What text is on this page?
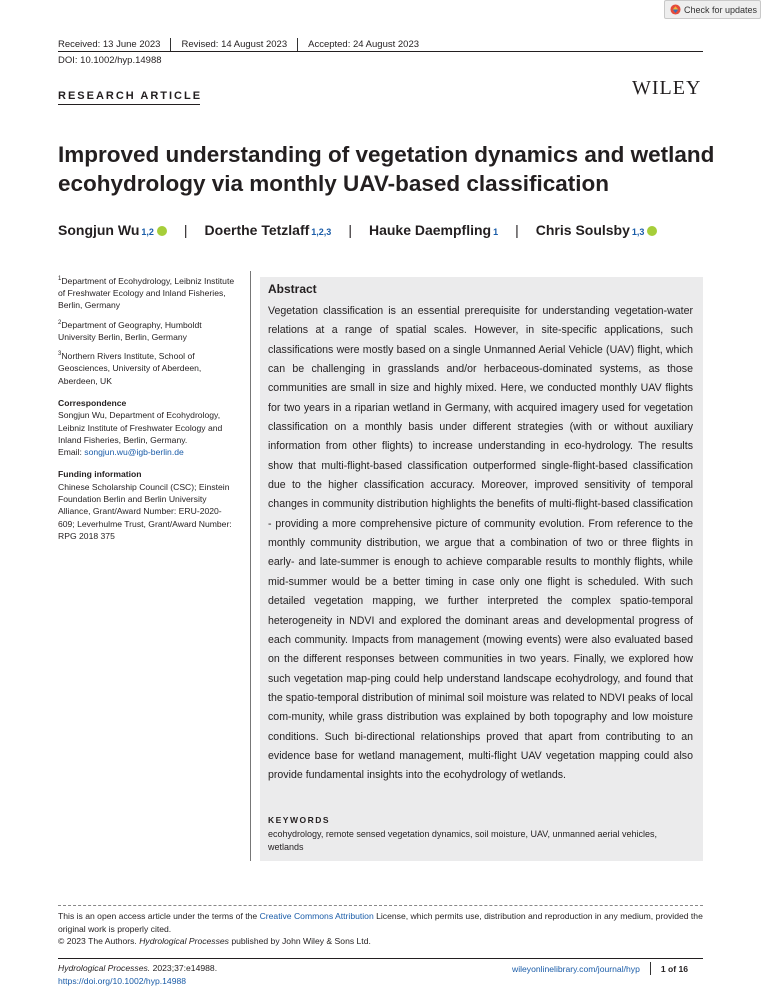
Check for updates
Received: 13 June 2023 Revised: 14 August 2023 Accepted: 24 August 2023
DOI: 10.1002/hyp.14988
RESEARCH ARTICLE	WILEY
Improved understanding of vegetation dynamics and wetland ecohydrology via monthly UAV-based classification
Songjun Wu 1,2 | Doerthe Tetzlaff 1,2,3 | Hauke Daempfling 1 | Chris Soulsby 1,3

$^1$Department of Ecohydrology, Leibniz Institute of Freshwater Ecology and Inland Fisheries, Berlin, Germany

$^2$Department of Geography, Humboldt University Berlin, Berlin, Germany

$^3$Northern Rivers Institute, School of Geosciences, University of Aberdeen, Aberdeen, UK

Correspondence
Songjun Wu, Department of Ecohydrology, Leibniz Institute of Freshwater Ecology and Inland Fisheries, Berlin, Germany.
Email: songjun.wu@igb-berlin.de
Funding information
Chinese Scholarship Council (CSC); Einstein Foundation Berlin and Berlin University Alliance, Grant/Award Number: ERU-2020-609; Leverhulme Trust, Grant/Award Number: RPG 2018 375
Abstract
Vegetation classification is an essential prerequisite for understanding vegetation-water relations at a range of spatial scales. However, in site-specific applications, such classifications were mostly based on a single Unmanned Aerial Vehicle (UAV) flight, which can be challenging in grasslands and/or herbaceous-dominated systems, as those communities are small in size and highly mixed. Here, we conducted monthly UAV flights for two years in a riparian wetland in Germany, with acquired imagery used for vegetation classification on a monthly basis under different strategies (with or without auxiliary information from other flights) to increase understanding in eco-hydrology. The results show that multi-flight-based classification outperformed single-flight-based classification due to the higher classification accuracy. Moreover, improved sensitivity of temporal changes in community distribution highlights the benefits of multi-flight-based classification - providing a more comprehensive picture of community evolution. From reference to the monthly community distribution, we argue that a combination of two or three flights in early- and late-summer is enough to achieve comparable results to monthly flights, while mid-summer would be a better timing in case only one flight is scheduled. With such detailed vegetation mapping, we further interpreted the complex spatio-temporal heterogeneity in NDVI and explored the dominant areas and developmental progress of each community. Impacts from management (mowing events) were also evaluated based on the different responses between communities in two years. Finally, we explored how such vegetation map-ping could help understand landscape ecohydrology, and found that the spatio-temporal distribution of minimal soil moisture was related to NDVI peaks of local com-munity, while grass distribution was explained by both topography and low moisture conditions. Such bi-directional relationships proved that apart from contributing to an evidence base for wetland management, multi-flight UAV vegetation mapping could also provide fundamental insights into the ecohydrology of wetlands.
KEYWORDS
ecohydrology, remote sensed vegetation dynamics, soil moisture, UAV, unmanned aerial vehicles, wetlands

This is an open access article under the terms of the Creative Commons Attribution License, which permits use, distribution and reproduction in any medium, provided the original work is properly cited.

© 2023 The Authors. Hydrological Processes published by John Wiley & Sons Ltd.

Hydrological Processes. 2023;37:e14988.
https://doi.org/10.1002/hyp.14988
wileyonlinelibrary.com/journal/hyp 1 of 16
